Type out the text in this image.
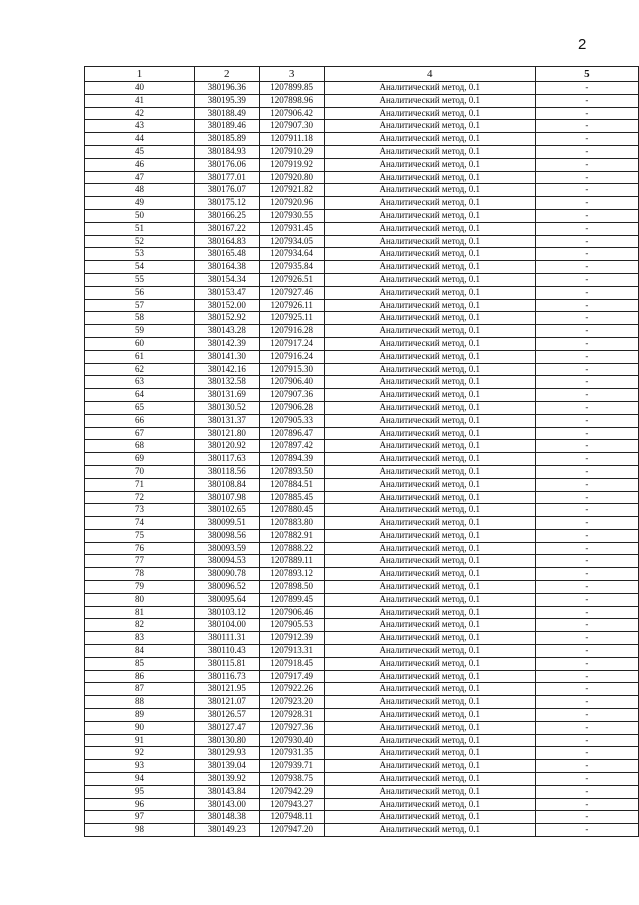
2
1	2	3	4	5
40	380196.36	1207899.85	Аналитический метод, 0.1	-
41	380195.39	1207898.96	Аналитический метод, 0.1	-
42	380188.49	1207906.42	Аналитический метод, 0.1	-
43	380189.46	1207907.30	Аналитический метод, 0.1	-
44	380185.89	1207911.18	Аналитический метод, 0.1	-
45	380184.93	1207910.29	Аналитический метод, 0.1	-
46	380176.06	1207919.92	Аналитический метод, 0.1	-
47	380177.01	1207920.80	Аналитический метод, 0.1	-
48	380176.07	1207921.82	Аналитический метод, 0.1	-
49	380175.12	1207920.96	Аналитический метод, 0.1	-
50	380166.25	1207930.55	Аналитический метод, 0.1	-
51	380167.22	1207931.45	Аналитический метод, 0.1	-
52	380164.83	1207934.05	Аналитический метод, 0.1	-
53	380165.48	1207934.64	Аналитический метод, 0.1	-
54	380164.38	1207935.84	Аналитический метод, 0.1	-
55	380154.34	1207926.51	Аналитический метод, 0.1	-
56	380153.47	1207927.46	Аналитический метод, 0.1	-
57	380152.00	1207926.11	Аналитический метод, 0.1	-
58	380152.92	1207925.11	Аналитический метод, 0.1	-
59	380143.28	1207916.28	Аналитический метод, 0.1	-
60	380142.39	1207917.24	Аналитический метод, 0.1	-
61	380141.30	1207916.24	Аналитический метод, 0.1	-
62	380142.16	1207915.30	Аналитический метод, 0.1	-
63	380132.58	1207906.40	Аналитический метод, 0.1	-
64	380131.69	1207907.36	Аналитический метод, 0.1	-
65	380130.52	1207906.28	Аналитический метод, 0.1	-
66	380131.37	1207905.33	Аналитический метод, 0.1	-
67	380121.80	1207896.47	Аналитический метод, 0.1	-
68	380120.92	1207897.42	Аналитический метод, 0.1	-
69	380117.63	1207894.39	Аналитический метод, 0.1	-
70	380118.56	1207893.50	Аналитический метод, 0.1	-
71	380108.84	1207884.51	Аналитический метод, 0.1	-
72	380107.98	1207885.45	Аналитический метод, 0.1	-
73	380102.65	1207880.45	Аналитический метод, 0.1	-
74	380099.51	1207883.80	Аналитический метод, 0.1	-
75	380098.56	1207882.91	Аналитический метод, 0.1	-
76	380093.59	1207888.22	Аналитический метод, 0.1	-
77	380094.53	1207889.11	Аналитический метод, 0.1	-
78	380090.78	1207893.12	Аналитический метод, 0.1	-
79	380096.52	1207898.50	Аналитический метод, 0.1	-
80	380095.64	1207899.45	Аналитический метод, 0.1	-
81	380103.12	1207906.46	Аналитический метод, 0.1	-
82	380104.00	1207905.53	Аналитический метод, 0.1	-
83	380111.31	1207912.39	Аналитический метод, 0.1	-
84	380110.43	1207913.31	Аналитический метод, 0.1	-
85	380115.81	1207918.45	Аналитический метод, 0.1	-
86	380116.73	1207917.49	Аналитический метод, 0.1	-
87	380121.95	1207922.26	Аналитический метод, 0.1	-
88	380121.07	1207923.20	Аналитический метод, 0.1	-
89	380126.57	1207928.31	Аналитический метод, 0.1	-
90	380127.47	1207927.36	Аналитический метод, 0.1	-
91	380130.80	1207930.40	Аналитический метод, 0.1	-
92	380129.93	1207931.35	Аналитический метод, 0.1	-
93	380139.04	1207939.71	Аналитический метод, 0.1	-
94	380139.92	1207938.75	Аналитический метод, 0.1	-
95	380143.84	1207942.29	Аналитический метод, 0.1	-
96	380143.00	1207943.27	Аналитический метод, 0.1	-
97	380148.38	1207948.11	Аналитический метод, 0.1	-
98	380149.23	1207947.20	Аналитический метод, 0.1	-
